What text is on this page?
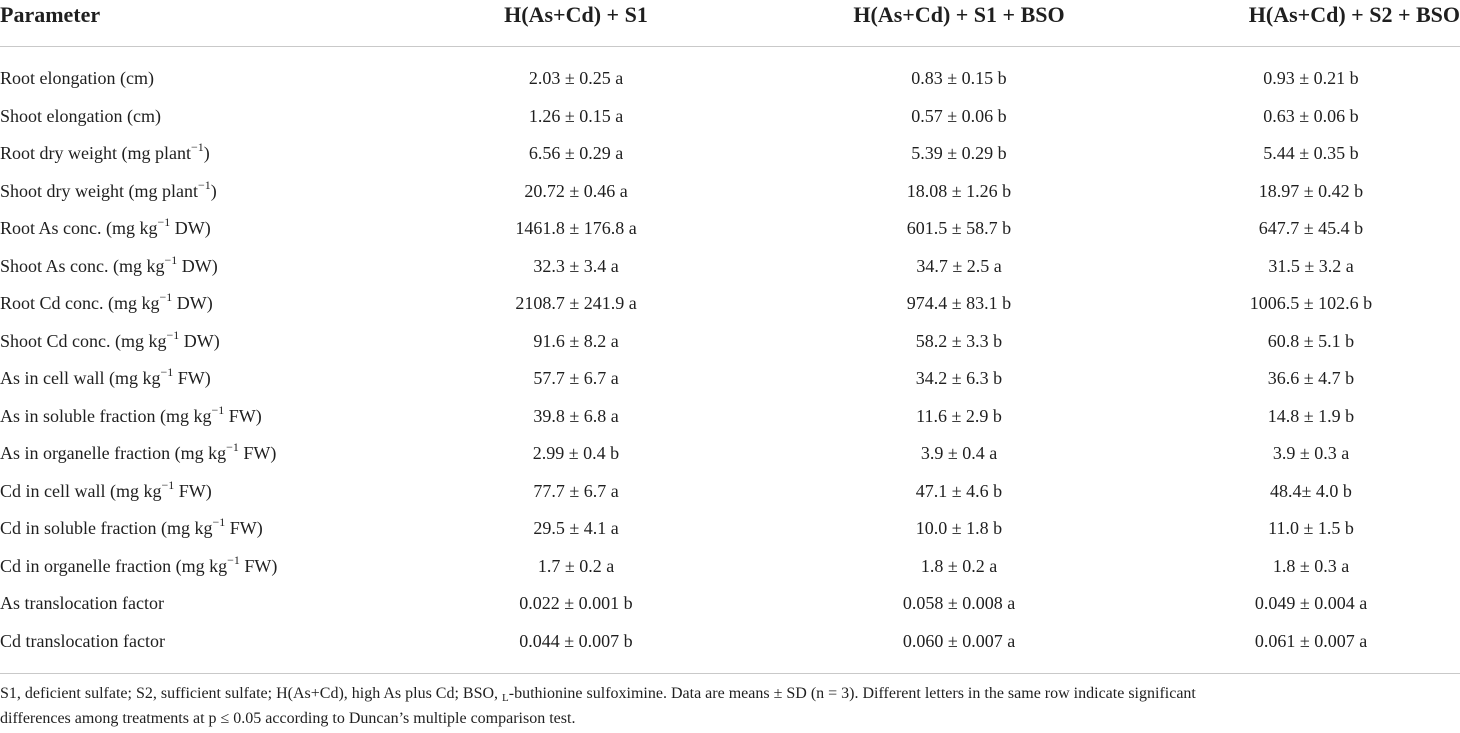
Parameter	H(As+Cd) + S1	H(As+Cd) + S1 + BSO	H(As+Cd) + S2 + BSO
Root elongation (cm)	2.03 ± 0.25 a	0.83 ± 0.15 b	0.93 ± 0.21 b
Shoot elongation (cm)	1.26 ± 0.15 a	0.57 ± 0.06 b	0.63 ± 0.06 b
Root dry weight (mg plant$^{-1}$)	6.56 ± 0.29 a	5.39 ± 0.29 b	5.44 ± 0.35 b
Shoot dry weight (mg plant$^{-1}$)	20.72 ± 0.46 a	18.08 ± 1.26 b	18.97 ± 0.42 b
Root As conc. (mg $kg^{-1}$ DW)	1461.8 ± 176.8 a	601.5 ± 58.7 b	647.7 ± 45.4 b
Shoot As conc. (mg $kg^{-1}$ DW)	32.3 ± 3.4 a	34.7 ± 2.5 a	31.5 ± 3.2 a
Root Cd conc. (mg $kg^{-1}$ DW)	2108.7 ± 241.9 a	974.4 ± 83.1 b	1006.5 ± 102.6 b
Shoot Cd conc. (mg $kg^{-1}$ DW)	91.6 ± 8.2 a	58.2 ± 3.3 b	60.8 ± 5.1 b
As in cell wall (mg $kg^{-1}$ FW)	57.7 ± 6.7 a	34.2 ± 6.3 b	36.6 ± 4.7 b
As in soluble fraction (mg $kg^{-1}$ FW)	39.8 ± 6.8 a	11.6 ± 2.9 b	14.8 ± 1.9 b
As in organelle fraction (mg $kg^{-1}$ FW)	2.99 ± 0.4 b	3.9 ± 0.4 a	3.9 ± 0.3 a
Cd in cell wall (mg $kg^{-1}$ FW)	77.7 ± 6.7 a	47.1 ± 4.6 b	48.4± 4.0 b
Cd in soluble fraction (mg $kg^{-1}$ FW)	29.5 ± 4.1 a	10.0 ± 1.8 b	11.0 ± 1.5 b
Cd in organelle fraction (mg $kg^{-1}$ FW)	1.7 ± 0.2 a	1.8 ± 0.2 a	1.8 ± 0.3 a
As translocation factor	0.022 ± 0.001 b	0.058 ± 0.008 a	0.049 ± 0.004 a
Cd translocation factor	0.044 ± 0.007 b	0.060 ± 0.007 a	0.061 ± 0.007 a
S1, deficient sulfate; S2, sufficient sulfate; H(As+Cd), high As plus Cd; BSO, L-buthionine sulfoximine. Data are means ± SD (n = 3). Different letters in the same row indicate significant
differences among treatments at p ≤ 0.05 according to Duncan’s multiple comparison test.
